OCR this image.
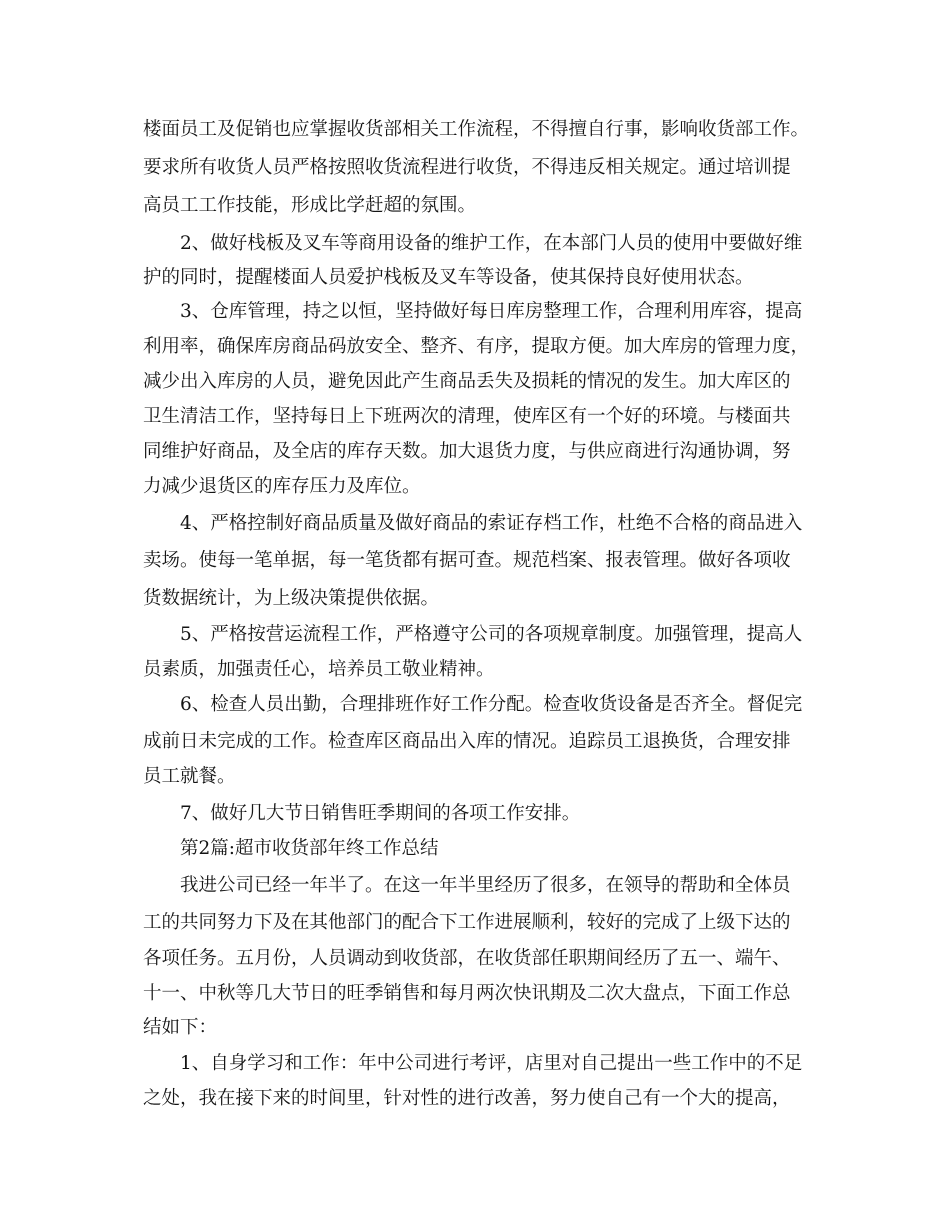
楼面员工及促销也应掌握收货部相关工作流程，不得擅自行事，影响收货部工作。
要求所有收货人员严格按照收货流程进行收货，不得违反相关规定。通过培训提
高员工工作技能，形成比学赶超的氛围。
2、做好栈板及叉车等商用设备的维护工作，在本部门人员的使用中要做好维
护的同时，提醒楼面人员爱护栈板及叉车等设备，使其保持良好使用状态。
3、仓库管理，持之以恒，坚持做好每日库房整理工作，合理利用库容，提高
利用率，确保库房商品码放安全、整齐、有序，提取方便。加大库房的管理力度，
减少出入库房的人员，避免因此产生商品丢失及损耗的情况的发生。加大库区的
卫生清洁工作，坚持每日上下班两次的清理，使库区有一个好的环境。与楼面共
同维护好商品，及全店的库存天数。加大退货力度，与供应商进行沟通协调，努
力减少退货区的库存压力及库位。
4、严格控制好商品质量及做好商品的索证存档工作，杜绝不合格的商品进入
卖场。使每一笔单据，每一笔货都有据可查。规范档案、报表管理。做好各项收
货数据统计，为上级决策提供依据。
5、严格按营运流程工作，严格遵守公司的各项规章制度。加强管理，提高人
员素质，加强责任心，培养员工敬业精神。
6、检查人员出勤，合理排班作好工作分配。检查收货设备是否齐全。督促完
成前日未完成的工作。检查库区商品出入库的情况。追踪员工退换货，合理安排
员工就餐。
7、做好几大节日销售旺季期间的各项工作安排。
第2篇:超市收货部年终工作总结
我进公司已经一年半了。在这一年半里经历了很多，在领导的帮助和全体员
工的共同努力下及在其他部门的配合下工作进展顺利，较好的完成了上级下达的
各项任务。五月份，人员调动到收货部，在收货部任职期间经历了五一、端午、
十一、中秋等几大节日的旺季销售和每月两次快讯期及二次大盘点，下面工作总
结如下：
1、自身学习和工作：年中公司进行考评，店里对自己提出一些工作中的不足
之处，我在接下来的时间里，针对性的进行改善，努力使自己有一个大的提高，
